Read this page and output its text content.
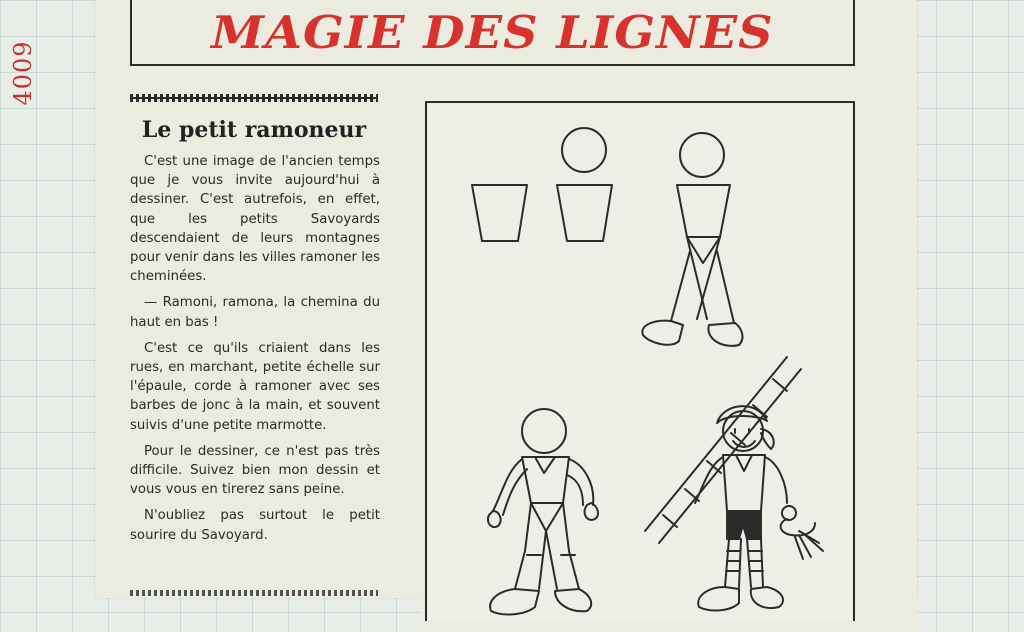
4009
MAGIE DES LIGNES
Le petit ramoneur

C'est une image de l'ancien temps que je vous invite aujourd'hui à dessiner. C'est autrefois, en effet, que les petits Savoyards descendaient de leurs montagnes pour venir dans les villes ramoner les cheminées.

— Ramoni, ramona, la chemina du haut en bas !

C'est ce qu'ils criaient dans les rues, en marchant, petite échelle sur l'épaule, corde à ramoner avec ses barbes de jonc à la main, et souvent suivis d'une petite marmotte.

Pour le dessiner, ce n'est pas très difficile. Suivez bien mon dessin et vous vous en tirerez sans peine.

N'oubliez pas surtout le petit sourire du Savoyard.
